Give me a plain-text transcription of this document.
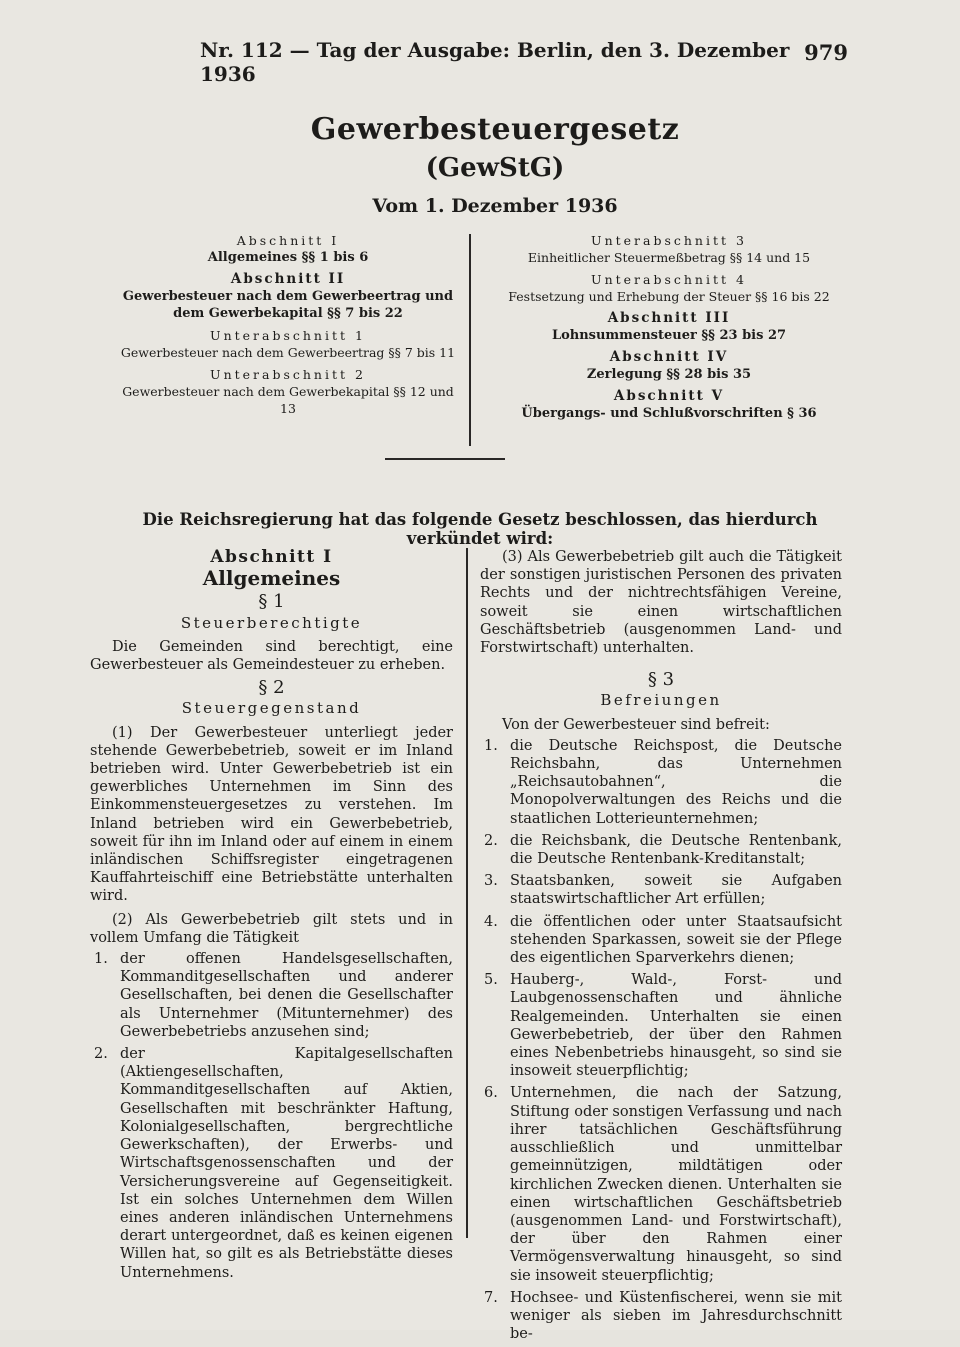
Nr. 112 — Tag der Ausgabe: Berlin, den 3. Dezember 1936
979
Gewerbesteuergesetz
(GewStG)
Vom 1. Dezember 1936
Abschnitt I
Allgemeines §§ 1 bis 6
Abschnitt II
Gewerbesteuer nach dem Gewerbeertrag und dem Gewerbekapital §§ 7 bis 22
Unterabschnitt 1
Gewerbesteuer nach dem Gewerbeertrag §§ 7 bis 11
Unterabschnitt 2
Gewerbesteuer nach dem Gewerbekapital §§ 12 und 13
Unterabschnitt 3
Einheitlicher Steuermeßbetrag §§ 14 und 15
Unterabschnitt 4
Festsetzung und Erhebung der Steuer §§ 16 bis 22
Abschnitt III
Lohnsummensteuer §§ 23 bis 27
Abschnitt IV
Zerlegung §§ 28 bis 35
Abschnitt V
Übergangs- und Schlußvorschriften § 36
Die Reichsregierung hat das folgende Gesetz beschlossen, das hierdurch verkündet wird:
Abschnitt I
Allgemeines
§ 1
Steuerberechtigte

Die Gemeinden sind berechtigt, eine Gewerbesteuer als Gemeindesteuer zu erheben.

§ 2
Steuergegenstand

(1) Der Gewerbesteuer unterliegt jeder stehende Gewerbebetrieb, soweit er im Inland betrieben wird. Unter Gewerbebetrieb ist ein gewerbliches Unternehmen im Sinn des Einkommensteuergesetzes zu verstehen. Im Inland betrieben wird ein Gewerbebetrieb, soweit für ihn im Inland oder auf einem in einem inländischen Schiffsregister eingetragenen Kauffahrteischiff eine Betriebstätte unterhalten wird.

(2) Als Gewerbebetrieb gilt stets und in vollem Umfang die Tätigkeit

1. der offenen Handelsgesellschaften, Kommanditgesellschaften und anderer Gesellschaften, bei denen die Gesellschafter als Unternehmer (Mitunternehmer) des Gewerbebetriebs anzusehen sind;
2. der Kapitalgesellschaften (Aktiengesellschaften, Kommanditgesellschaften auf Aktien, Gesellschaften mit beschränkter Haftung, Kolonialgesellschaften, bergrechtliche Gewerkschaften), der Erwerbs- und Wirtschaftsgenossenschaften und der Versicherungsvereine auf Gegenseitigkeit. Ist ein solches Unternehmen dem Willen eines anderen inländischen Unternehmens derart untergeordnet, daß es keinen eigenen Willen hat, so gilt es als Betriebstätte dieses Unternehmens.

(3) Als Gewerbebetrieb gilt auch die Tätigkeit der sonstigen juristischen Personen des privaten Rechts und der nichtrechtsfähigen Vereine, soweit sie einen wirtschaftlichen Geschäftsbetrieb (ausgenommen Land- und Forstwirtschaft) unterhalten.

§ 3
Befreiungen

Von der Gewerbesteuer sind befreit:

1. die Deutsche Reichspost, die Deutsche Reichsbahn, das Unternehmen „Reichsautobahnen“, die Monopolverwaltungen des Reichs und die staatlichen Lotterieunternehmen;
2. die Reichsbank, die Deutsche Rentenbank, die Deutsche Rentenbank-Kreditanstalt;
3. Staatsbanken, soweit sie Aufgaben staatswirtschaftlicher Art erfüllen;
4. die öffentlichen oder unter Staatsaufsicht stehenden Sparkassen, soweit sie der Pflege des eigentlichen Sparverkehrs dienen;
5. Hauberg-, Wald-, Forst- und Laubgenossenschaften und ähnliche Realgemeinden. Unterhalten sie einen Gewerbebetrieb, der über den Rahmen eines Nebenbetriebs hinausgeht, so sind sie insoweit steuerpflichtig;
6. Unternehmen, die nach der Satzung, Stiftung oder sonstigen Verfassung und nach ihrer tatsächlichen Geschäftsführung ausschließlich und unmittelbar gemeinnützigen, mildtätigen oder kirchlichen Zwecken dienen. Unterhalten sie einen wirtschaftlichen Geschäftsbetrieb (ausgenommen Land- und Forstwirtschaft), der über den Rahmen einer Vermögensverwaltung hinausgeht, so sind sie insoweit steuerpflichtig;
7. Hochsee- und Küstenfischerei, wenn sie mit weniger als sieben im Jahresdurchschnitt be-
